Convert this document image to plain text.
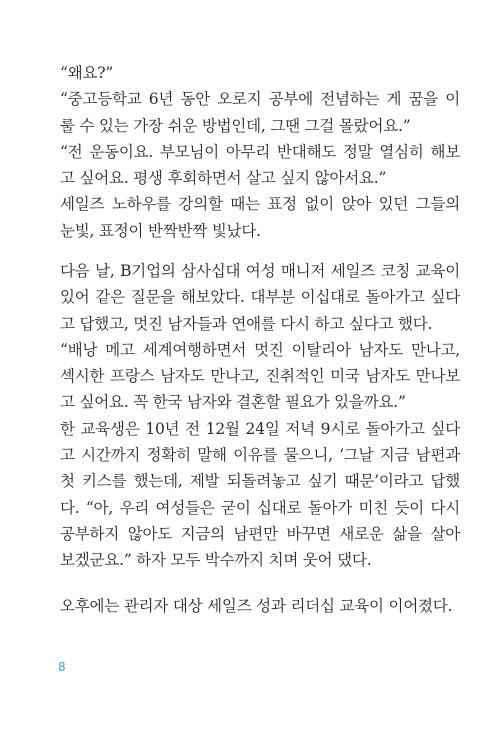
“왜요?”
“중고등학교 6년 동안 오로지 공부에 전념하는 게 꿈을 이
룰 수 있는 가장 쉬운 방법인데, 그땐 그걸 몰랐어요.”
“전 운동이요. 부모님이 아무리 반대해도 정말 열심히 해보
고 싶어요. 평생 후회하면서 살고 싶지 않아서요.”
세일즈 노하우를 강의할 때는 표정 없이 앉아 있던 그들의
눈빛, 표정이 반짝반짝 빛났다.
다음 날, B기업의 삼사십대 여성 매니저 세일즈 코칭 교육이
있어 같은 질문을 해보았다. 대부분 이십대로 돌아가고 싶다
고 답했고, 멋진 남자들과 연애를 다시 하고 싶다고 했다.
“배낭 메고 세계여행하면서 멋진 이탈리아 남자도 만나고,
섹시한 프랑스 남자도 만나고, 진취적인 미국 남자도 만나보
고 싶어요. 꼭 한국 남자와 결혼할 필요가 있을까요.”
한 교육생은 10년 전 12월 24일 저녁 9시로 돌아가고 싶다
고 시간까지 정확히 말해 이유를 물으니, ‘그날 지금 남편과
첫 키스를 했는데, 제발 되돌려놓고 싶기 때문’이라고 답했
다. “아, 우리 여성들은 굳이 십대로 돌아가 미친 듯이 다시
공부하지 않아도 지금의 남편만 바꾸면 새로운 삶을 살아
보겠군요.” 하자 모두 박수까지 치며 웃어 댔다.
오후에는 관리자 대상 세일즈 성과 리더십 교육이 이어졌다.
8
